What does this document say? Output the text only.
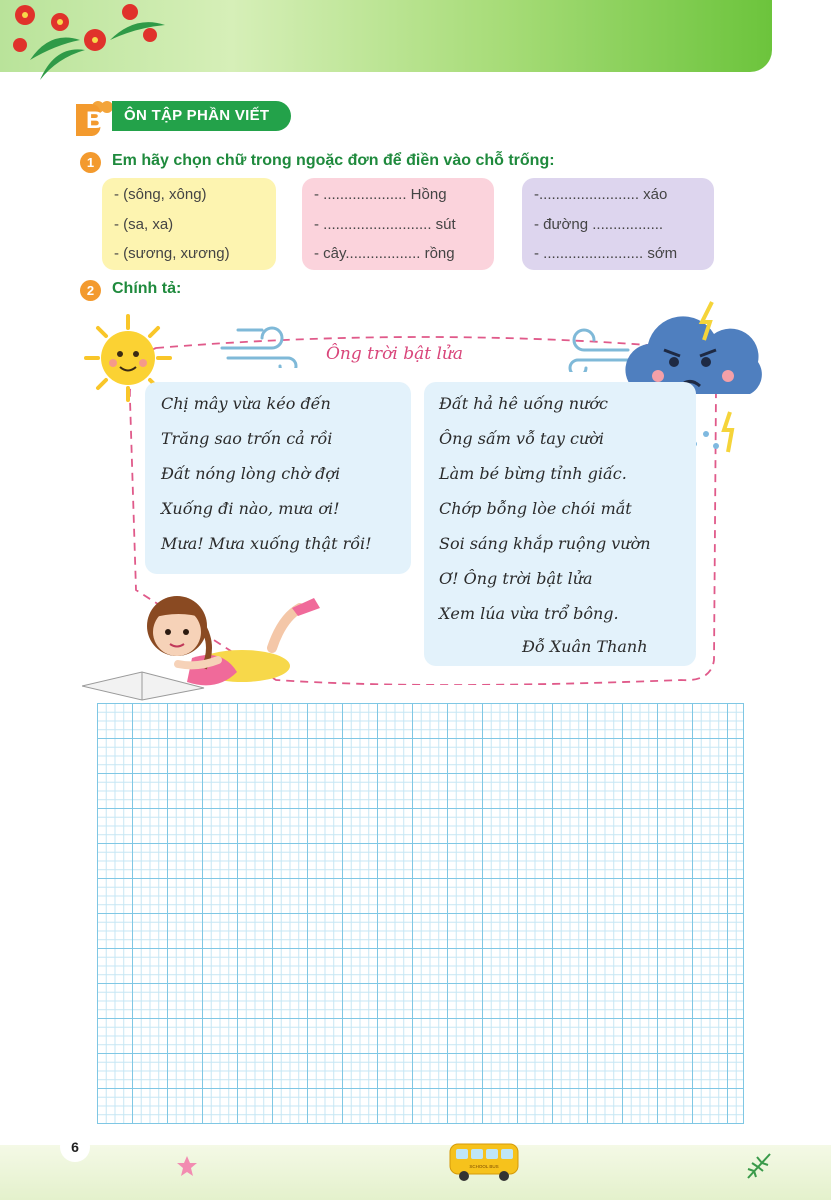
B	ÔN TẬP PHẦN VIẾT
1	Em hãy chọn chữ trong ngoặc đơn để điền vào chỗ trống:
- (sông, xông)
- (sa, xa)
- (sương, xương)
- .................... Hồng
- .......................... sút
- cây.................. rồng
-........................ xáo
- đường .................
- ........................ sớm
2	Chính tả:
Ông trời bật lửa
Chị mây vừa kéo đến
Trăng sao trốn cả rồi
Đất nóng lòng chờ đợi
Xuống đi nào, mưa ơi!
Mưa! Mưa xuống thật rồi!
Đất hả hê uống nước
Ông sấm vỗ tay cười
Làm bé bừng tỉnh giấc.
Chớp bỗng lòe chói mắt
Soi sáng khắp ruộng vườn
Ơ! Ông trời bật lửa
Xem lúa vừa trổ bông.
Đỗ Xuân Thanh
6
SCHOOL BUS
